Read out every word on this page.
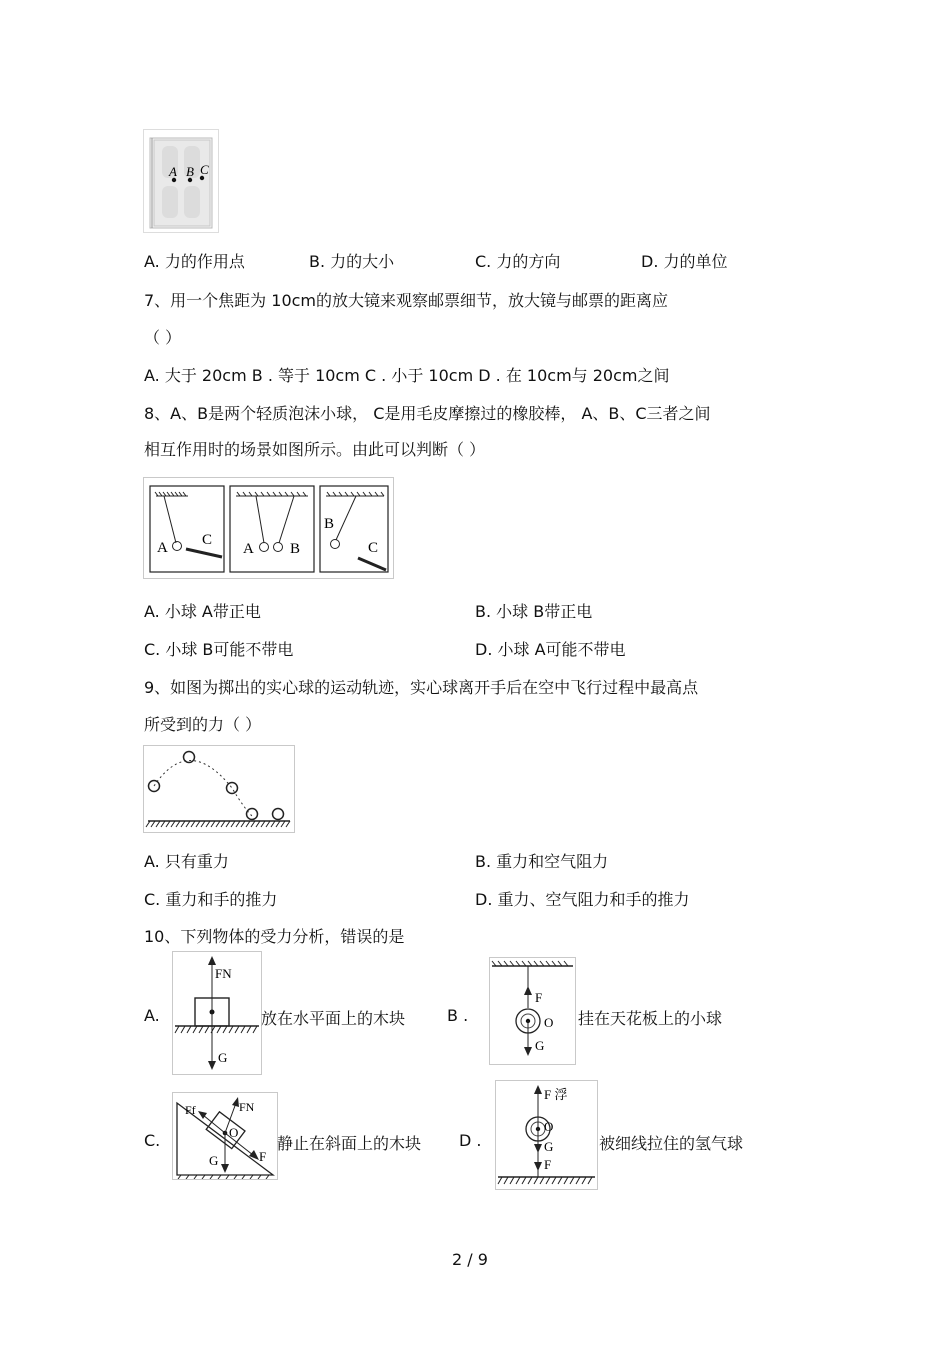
A B C
A. 力的作用点	B. 力的大小	C. 力的方向	D. 力的单位
7、用一个焦距为 10cm的放大镜来观察邮票细节，放大镜与邮票的距离应
（ ）
A. 大于 20cm B . 等于 10cm C . 小于 10cm D . 在 10cm与 20cm之间
8、A、B是两个轻质泡沫小球， C是用毛皮摩擦过的橡胶棒， A、B、C三者之间
相互作用时的场景如图所示。由此可以判断（ ）
A C
A B
B
C
A. 小球 A带正电	B. 小球 B带正电
C. 小球 B可能不带电	D. 小球 A可能不带电
9、如图为掷出的实心球的运动轨迹，实心球离开手后在空中飞行过程中最高点
所受到的力（ ）
A. 只有重力	B. 重力和空气阻力
C. 重力和手的推力	D. 重力、空气阻力和手的推力
10、下列物体的受力分析，错误的是
A.
FN
G
放在水平面上的木块	B .
F
O
G
挂在天花板上的小球
C.
Ff	FN
O
G	F
静止在斜面上的木块 D .
F 浮
O
G
F
被细线拉住的氢气球
2 / 9
